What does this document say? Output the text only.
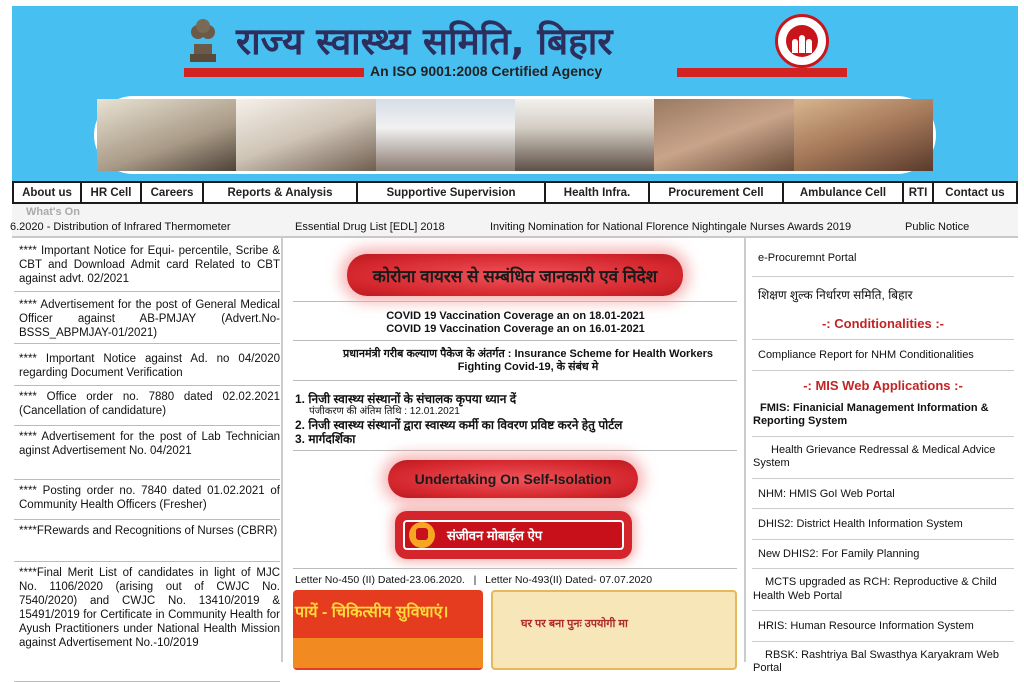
राज्य स्वास्थ्य समिति, बिहार
An ISO 9001:2008 Certified Agency
About us	HR Cell	Careers	Reports & Analysis	Supportive Supervision	Health Infra.	Procurement Cell	Ambulance Cell	RTI	Contact us
What's On
6.2020 - Distribution of Infrared Thermometer	Essential Drug List [EDL] 2018	Inviting Nomination for National Florence Nightingale Nurses Awards 2019	Public Notice
**** Important Notice for Equi- percentile, Scribe & CBT and Download Admit card Related to CBT against advt. 02/2021
**** Advertisement for the post of General Medical Officer against AB-PMJAY (Advert.No-BSSS_ABPMJAY-01/2021)
**** Important Notice against Ad. no 04/2020 regarding Document Verification
**** Office order no. 7880 dated 02.02.2021 (Cancellation of candidature)
**** Advertisement for the post of Lab Technician aginst Advertisement No. 04/2021
**** Posting order no. 7840 dated 01.02.2021 of Community Health Officers (Fresher)
****FRewards and Recognitions of Nurses (CBRR)
****Final Merit List of candidates in light of MJC No. 1106/2020 (arising out of CWJC No. 7540/2020) and CWJC No. 13410/2019 & 15491/2019 for Certificate in Community Health for Ayush Practitioners under National Health Mission against Advertisement No.-10/2019
कोरोना वायरस से सम्बंधित जानकारी एवं निदेश
COVID 19 Vaccination Coverage an on 18.01-2021
COVID 19 Vaccination Coverage an on 16.01-2021
प्रधानमंत्री गरीब कल्याण पैकेज के अंतर्गत : Insurance Scheme for Health Workers Fighting Covid-19, के संबंध मे
1. निजी स्वास्थ्य संस्थानों के संचालक कृपया ध्यान दें
पंजीकरण की अंतिम तिथि : 12.01.2021
2. निजी स्वास्थ्य संस्थानों द्वारा स्वास्थ्य कर्मी का विवरण प्रविष्ट करने हेतु पोर्टल
3. मार्गदर्शिका
Undertaking On Self-Isolation
संजीवन मोबाईल ऐप
Letter No-450 (II) Dated-23.06.2020. | Letter No-493(II) Dated- 07.07.2020
पायें - चिकित्सीय सुविधाएं।
घर पर बना पुनः उपयोगी मा
e-Procuremnt Portal
शिक्षण शुल्क निर्धारण समिति, बिहार
-: Conditionalities :-
Compliance Report for NHM Conditionalities
-: MIS Web Applications :-
FMIS: Finanicial Management Information & Reporting System
Health Grievance Redressal & Medical Advice System
NHM: HMIS GoI Web Portal
DHIS2: District Health Information System
New DHIS2: For Family Planning
MCTS upgraded as RCH: Reproductive & Child Health Web Portal
HRIS: Human Resource Information System
RBSK: Rashtriya Bal Swasthya Karyakram Web Portal
